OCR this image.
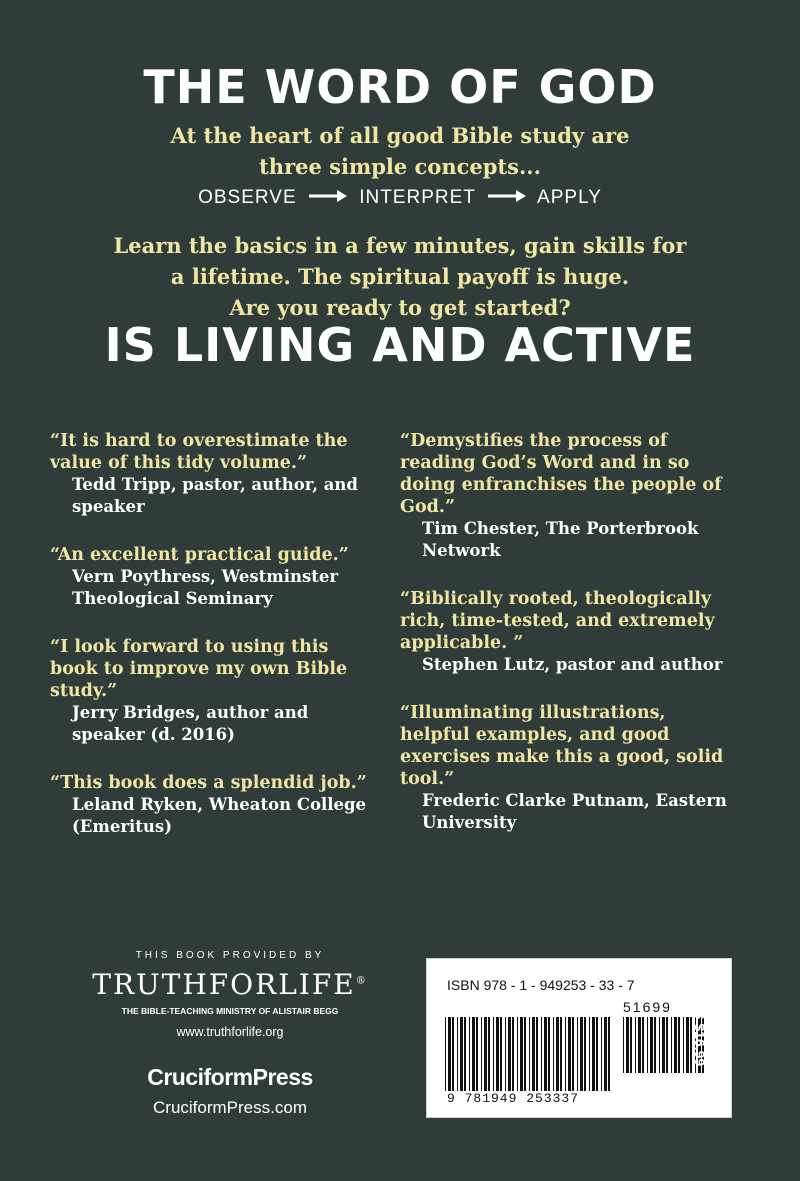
THE WORD OF GOD
At the heart of all good Bible study are
three simple concepts...
OBSERVE	INTERPRET	APPLY
Learn the basics in a few minutes, gain skills for
a lifetime. The spiritual payoff is huge.
Are you ready to get started?
IS LIVING AND ACTIVE
“It is hard to overestimate the value of this tidy volume.”
Tedd Tripp, pastor, author, and speaker
“An excellent practical guide.”
Vern Poythress, Westminster Theological Seminary
“I look forward to using this book to improve my own Bible study.”
Jerry Bridges, author and speaker (d. 2016)
“This book does a splendid job.”
Leland Ryken, Wheaton College (Emeritus)
“Demystifies the process of reading God’s Word and in so doing enfranchises the people of God.”
Tim Chester, The Porterbrook Network
“Biblically rooted, theologically rich, time-tested, and extremely applicable. ”
Stephen Lutz, pastor and author
“Illuminating illustrations, helpful examples, and good exercises make this a good, solid tool.”
Frederic Clarke Putnam, Eastern University
THIS BOOK PROVIDED BY
TRUTHFORLIFE®
THE BIBLE-TEACHING MINISTRY OF ALISTAIR BEGG
www.truthforlife.org
CruciformPress
CruciformPress.com
ISBN 978 - 1 - 949253 - 33 - 7
51699
9 781949 253337
US $16.99
